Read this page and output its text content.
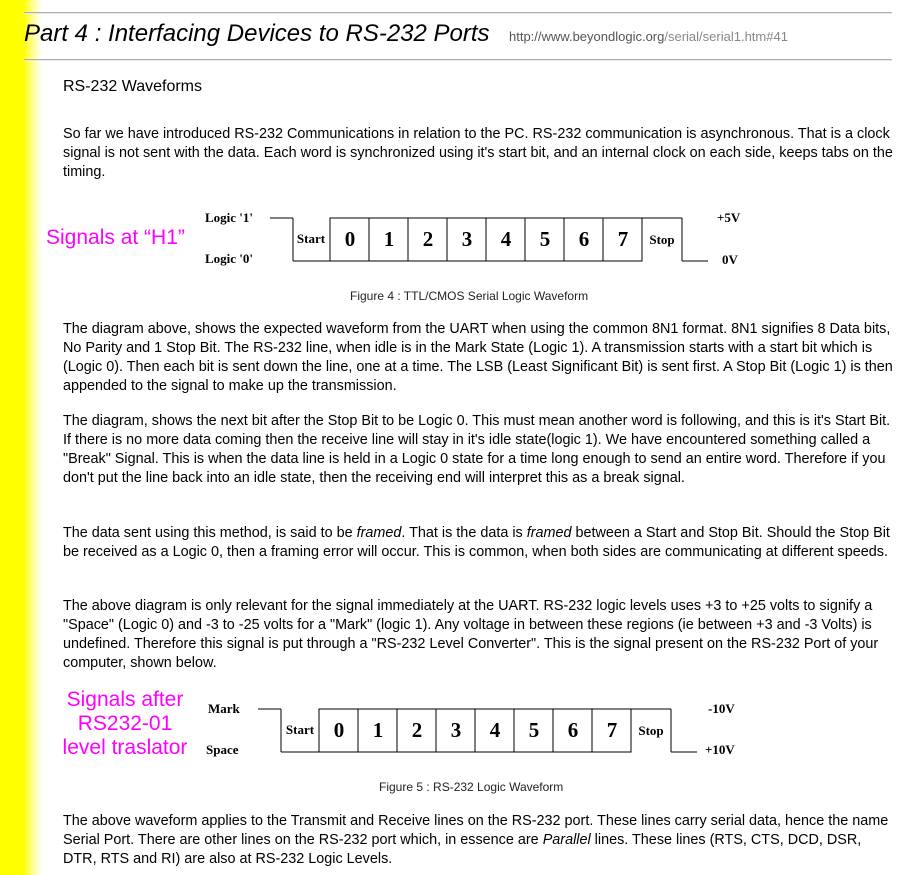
Part 4 : Interfacing Devices to RS-232 Ports http://www.beyondlogic.org/serial/serial1.htm#41
RS-232 Waveforms

So far we have introduced RS-232 Communications in relation to the PC. RS-232 communication is asynchronous. That is a clock signal is not sent with the data. Each word is synchronized using it's start bit, and an internal clock on each side, keeps tabs on the timing.

Signals at “H1”
Logic '1'
Logic '0'
Start 0 1 2 3 4 5 6 7 Stop
+5V
0V
Figure 4 : TTL/CMOS Serial Logic Waveform

The diagram above, shows the expected waveform from the UART when using the common 8N1 format. 8N1 signifies 8 Data bits, No Parity and 1 Stop Bit. The RS-232 line, when idle is in the Mark State (Logic 1). A transmission starts with a start bit which is (Logic 0). Then each bit is sent down the line, one at a time. The LSB (Least Significant Bit) is sent first. A Stop Bit (Logic 1) is then appended to the signal to make up the transmission.

The diagram, shows the next bit after the Stop Bit to be Logic 0. This must mean another word is following, and this is it's Start Bit. If there is no more data coming then the receive line will stay in it's idle state(logic 1). We have encountered something called a "Break" Signal. This is when the data line is held in a Logic 0 state for a time long enough to send an entire word. Therefore if you don't put the line back into an idle state, then the receiving end will interpret this as a break signal.

The data sent using this method, is said to be framed. That is the data is framed between a Start and Stop Bit. Should the Stop Bit be received as a Logic 0, then a framing error will occur. This is common, when both sides are communicating at different speeds.

The above diagram is only relevant for the signal immediately at the UART. RS-232 logic levels uses +3 to +25 volts to signify a "Space" (Logic 0) and -3 to -25 volts for a "Mark" (logic 1). Any voltage in between these regions (ie between +3 and -3 Volts) is undefined. Therefore this signal is put through a "RS-232 Level Converter". This is the signal present on the RS-232 Port of your computer, shown below.

Signals after
RS232-01
level traslator
Mark
Space
Start 0 1 2 3 4 5 6 7 Stop
-10V
+10V
Figure 5 : RS-232 Logic Waveform

The above waveform applies to the Transmit and Receive lines on the RS-232 port. These lines carry serial data, hence the name Serial Port. There are other lines on the RS-232 port which, in essence are Parallel lines. These lines (RTS, CTS, DCD, DSR, DTR, RTS and RI) are also at RS-232 Logic Levels.
